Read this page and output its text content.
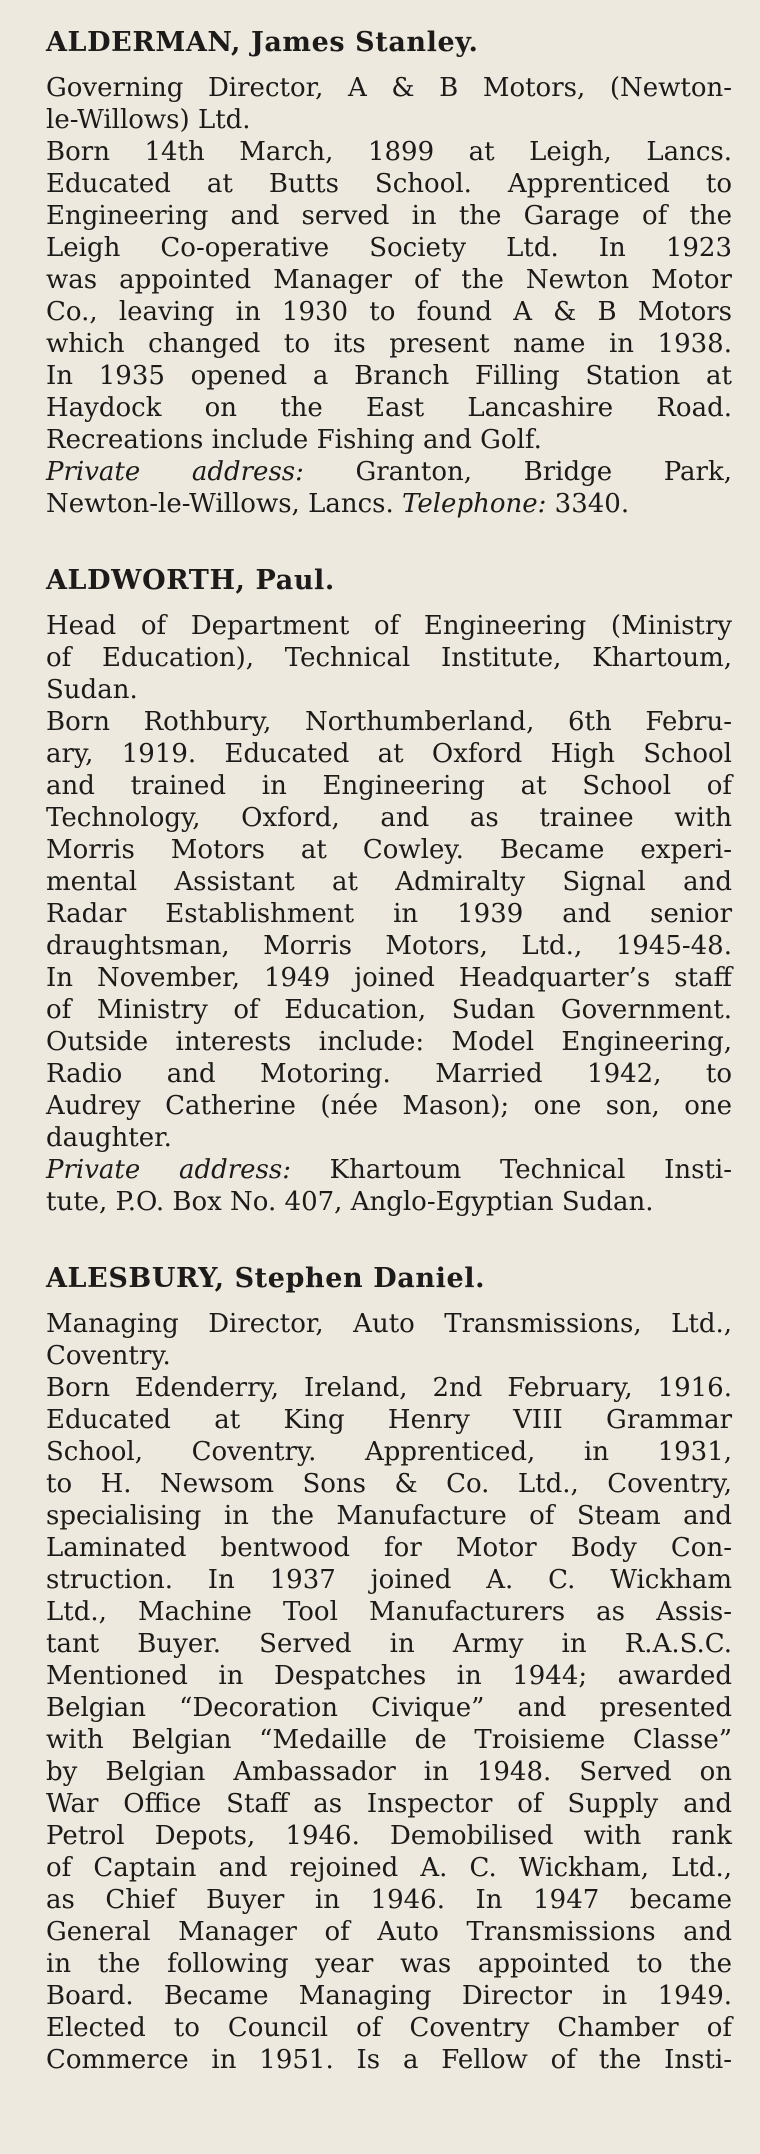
ALDERMAN, James Stanley.
Governing Director, A & B Motors, (Newton-
le-Willows) Ltd.
Born 14th March, 1899 at Leigh, Lancs.
Educated at Butts School. Apprenticed to
Engineering and served in the Garage of the
Leigh Co-operative Society Ltd. In 1923
was appointed Manager of the Newton Motor
Co., leaving in 1930 to found A & B Motors
which changed to its present name in 1938.
In 1935 opened a Branch Filling Station at
Haydock on the East Lancashire Road.
Recreations include Fishing and Golf.
Private address: Granton, Bridge Park,
Newton-le-Willows, Lancs. Telephone: 3340.
ALDWORTH, Paul.
Head of Department of Engineering (Ministry
of Education), Technical Institute, Khartoum,
Sudan.
Born Rothbury, Northumberland, 6th Febru-
ary, 1919. Educated at Oxford High School
and trained in Engineering at School of
Technology, Oxford, and as trainee with
Morris Motors at Cowley. Became experi-
mental Assistant at Admiralty Signal and
Radar Establishment in 1939 and senior
draughtsman, Morris Motors, Ltd., 1945-48.
In November, 1949 joined Headquarter’s staff
of Ministry of Education, Sudan Government.
Outside interests include: Model Engineering,
Radio and Motoring. Married 1942, to
Audrey Catherine (née Mason); one son, one
daughter.
Private address: Khartoum Technical Insti-
tute, P.O. Box No. 407, Anglo-Egyptian Sudan.
ALESBURY, Stephen Daniel.
Managing Director, Auto Transmissions, Ltd.,
Coventry.
Born Edenderry, Ireland, 2nd February, 1916.
Educated at King Henry VIII Grammar
School, Coventry. Apprenticed, in 1931,
to H. Newsom Sons & Co. Ltd., Coventry,
specialising in the Manufacture of Steam and
Laminated bentwood for Motor Body Con-
struction. In 1937 joined A. C. Wickham
Ltd., Machine Tool Manufacturers as Assis-
tant Buyer. Served in Army in R.A.S.C.
Mentioned in Despatches in 1944; awarded
Belgian “Decoration Civique” and presented
with Belgian “Medaille de Troisieme Classe”
by Belgian Ambassador in 1948. Served on
War Office Staff as Inspector of Supply and
Petrol Depots, 1946. Demobilised with rank
of Captain and rejoined A. C. Wickham, Ltd.,
as Chief Buyer in 1946. In 1947 became
General Manager of Auto Transmissions and
in the following year was appointed to the
Board. Became Managing Director in 1949.
Elected to Council of Coventry Chamber of
Commerce in 1951. Is a Fellow of the Insti-
